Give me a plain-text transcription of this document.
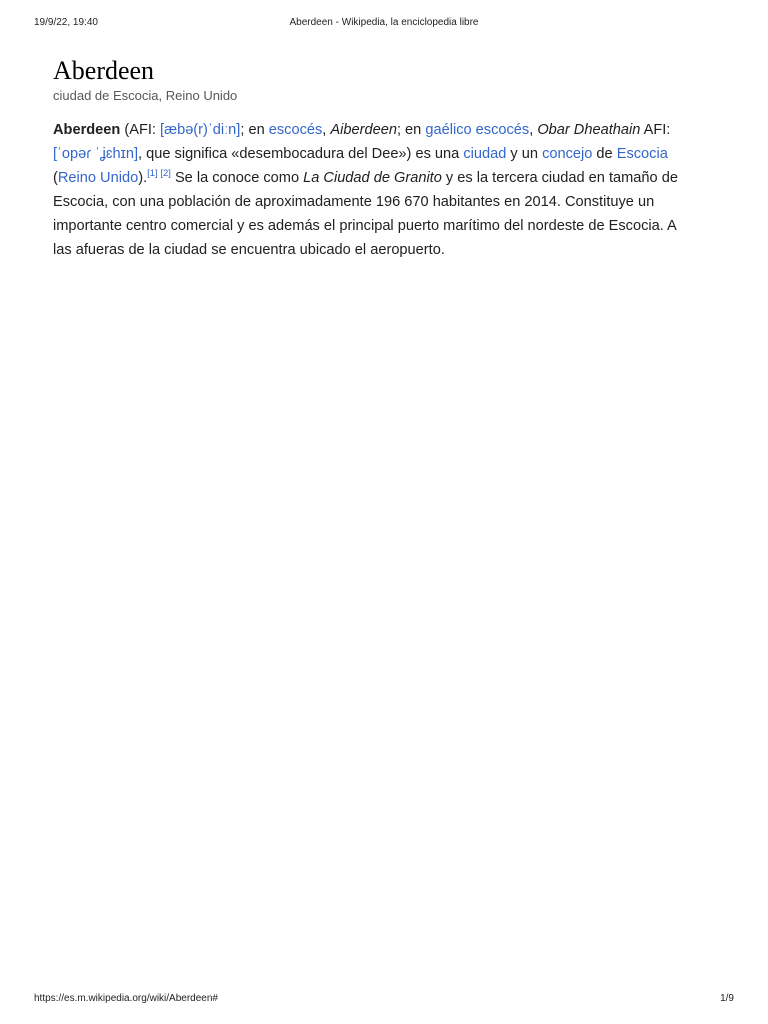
19/9/22, 19:40	Aberdeen - Wikipedia, la enciclopedia libre
Aberdeen
ciudad de Escocia, Reino Unido

Aberdeen (AFI: [æbə(r)ˈdiːn]; en escocés, Aiberdeen; en gaélico escocés, Obar Dheathain AFI: [ˈopəɾ ˈʝɛhɪn], que significa «desembocadura del Dee») es una ciudad y un concejo de Escocia (Reino Unido).[1] [2] Se la conoce como La Ciudad de Granito y es la tercera ciudad en tamaño de Escocia, con una población de aproximadamente 196 670 habitantes en 2014. Constituye un importante centro comercial y es además el principal puerto marítimo del nordeste de Escocia. A las afueras de la ciudad se encuentra ubicado el aeropuerto.

https://es.m.wikipedia.org/wiki/Aberdeen#	1/9
